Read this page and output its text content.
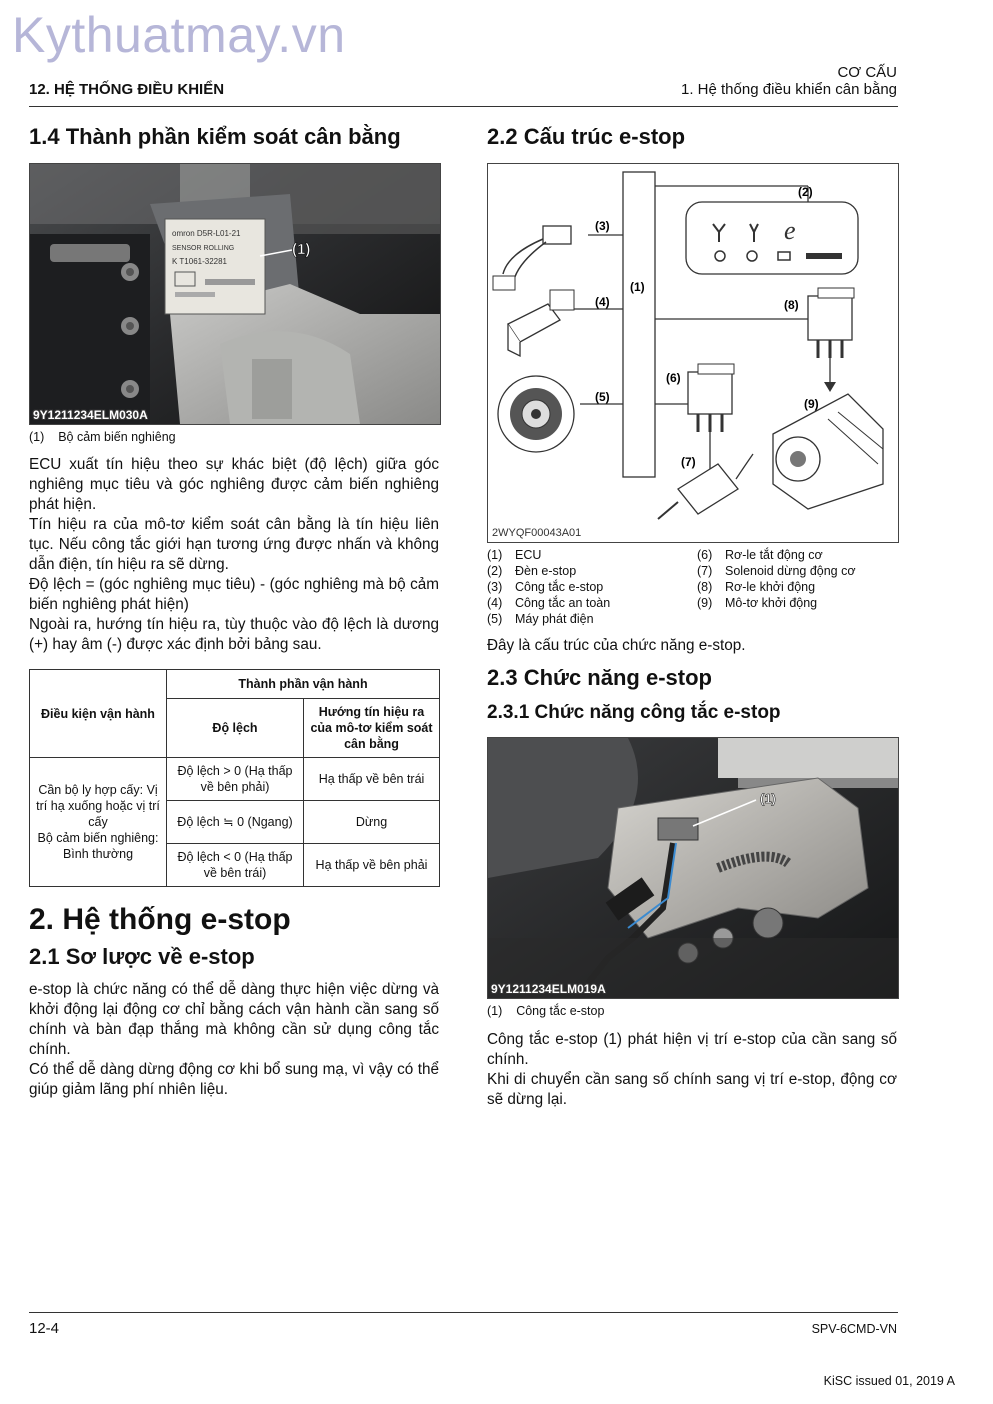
Kythuatmay.vn
12. HỆ THỐNG ĐIỀU KHIỂN
CƠ CẤU
1. Hệ thống điều khiển cân bằng
1.4 Thành phần kiểm soát cân bằng
omron D5R-L01-21
SENSOR ROLLING
K T1061-32281
(1)
9Y1211234ELM030A
(1) Bộ cảm biến nghiêng

ECU xuất tín hiệu theo sự khác biệt (độ lệch) giữa góc nghiêng mục tiêu và góc nghiêng được cảm biến nghiêng phát hiện.

Tín hiệu ra của mô-tơ kiểm soát cân bằng là tín hiệu liên tục. Nếu công tắc giới hạn tương ứng được nhấn và không dẫn điện, tín hiệu ra sẽ dừng.

Độ lệch = (góc nghiêng mục tiêu) - (góc nghiêng mà bộ cảm biến nghiêng phát hiện)

Ngoài ra, hướng tín hiệu ra, tùy thuộc vào độ lệch là dương (+) hay âm (-) được xác định bởi bảng sau.

Điều kiện vận hành	Thành phần vận hành	
	Độ lệch	Hướng tín hiệu ra của mô-tơ kiểm soát cân bằng
Cần bộ ly hợp cấy: Vị trí hạ xuống hoặc vị trí cấy
Bộ cảm biến nghiêng: Bình thường	Độ lệch > 0 (Hạ thấp về bên phải)	Hạ thấp về bên trái
	Độ lệch ≒ 0 (Ngang)	Dừng
	Độ lệch < 0 (Hạ thấp về bên trái)	Hạ thấp về bên phải
2. Hệ thống e-stop
2.1 Sơ lược về e-stop

e-stop là chức năng có thể dễ dàng thực hiện việc dừng và khởi động lại động cơ chỉ bằng cách vận hành cần sang số chính và bàn đạp thắng mà không cần sử dụng công tắc chính.

Có thể dễ dàng dừng động cơ khi bổ sung mạ, vì vậy có thể giúp giảm lãng phí nhiên liệu.

2.2 Cấu trúc e-stop
(1)
(2)
e
(3)
(4)
(5)
(6)
(7)
2WYQF00043A01
(8)
(9)
(1) ECU	(6) Rơ-le tắt động cơ
(2) Đèn e-stop	(7) Solenoid dừng động cơ
(3) Công tắc e-stop	(8) Rơ-le khởi động
(4) Công tắc an toàn	(9) Mô-tơ khởi động
(5) Máy phát điện
Đây là cấu trúc của chức năng e-stop.
2.3 Chức năng e-stop
2.3.1 Chức năng công tắc e-stop
(1)
9Y1211234ELM019A
(1) Công tắc e-stop

Công tắc e-stop (1) phát hiện vị trí e-stop của cần sang số chính.

Khi di chuyển cần sang số chính sang vị trí e-stop, động cơ sẽ dừng lại.

12-4	SPV-6CMD-VN
KiSC issued 01, 2019 A
